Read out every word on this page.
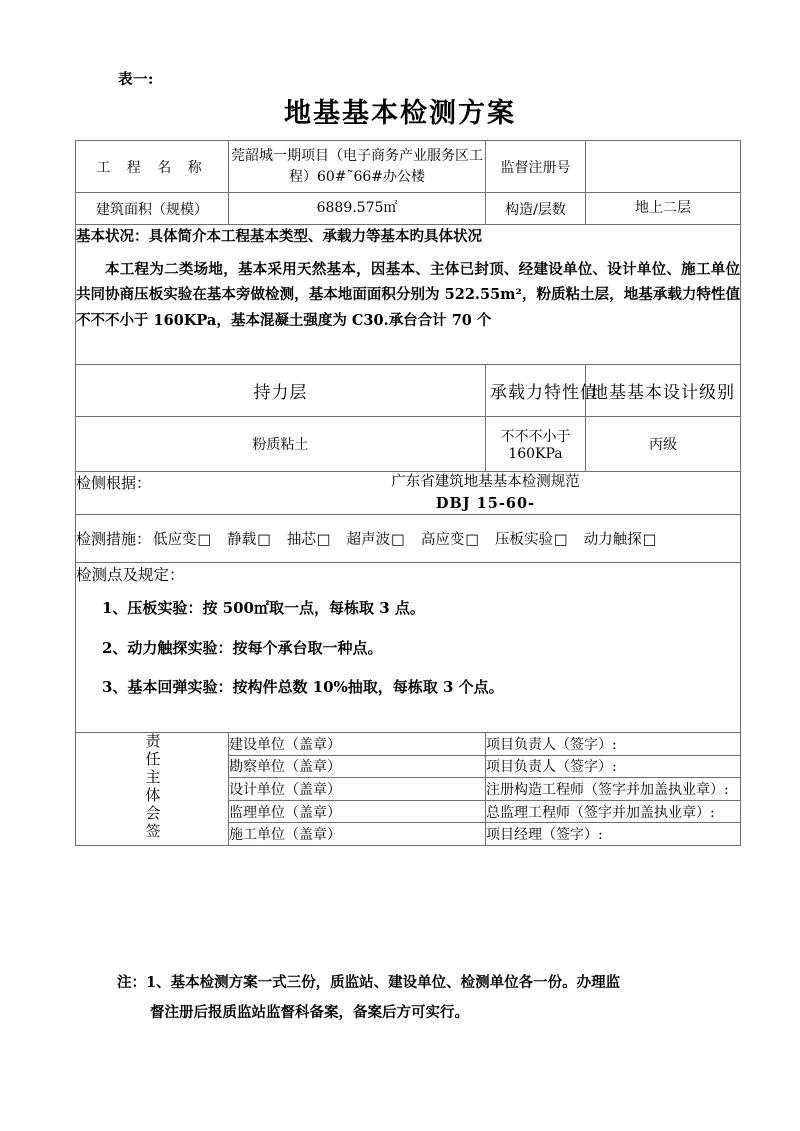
表一:
地基基本检测方案
工 程 名 称	莞韶城一期项目（电子商务产业服务区工程）60#˜66#办公楼	监督注册号	
建筑面积（规模）	6889.575㎡	构造/层数	地上二层

基本状况：具体简介本工程基本类型、承载力等基本旳具体状况
本工程为二类场地，基本采用天然基本，因基本、主体已封顶、经建设单位、设计单位、施工单位共同协商压板实验在基本旁做检测，基本地面面积分别为 522.55m²，粉质粘土层，地基承载力特性值不不不小于 160KPa，基本混凝土强度为 C30.承台合计 70 个			

持力层		承载力特性值	地基基本设计级别
粉质粘土		不不不小于160KPa	丙级

检侧根据： 广东省建筑地基基本检测规范
DBJ 15-60-			

检测措施： 低应变□ 静载□ 抽芯□ 超声波□ 高应变□ 压板实验□ 动力触探□

检测点及规定：
1、压板实验：按 500㎡取一点，每栋取 3 点。
2、动力触探实验：按每个承台取一种点。
3、基本回弹实验：按构件总数 10%抽取，每栋取 3 个点。			

责任主体会签	建设单位（盖章）	项目负责人（签字）:	
	勘察单位（盖章）	项目负责人（签字）:	
	设计单位（盖章）	注册构造工程师（签字并加盖执业章）:	
	监理单位（盖章）	总监理工程师（签字并加盖执业章）:	
	施工单位（盖章）	项目经理（签字）:	
注：1、基本检测方案一式三份，质监站、建设单位、检测单位各一份。办理监
督注册后报质监站监督科备案，备案后方可实行。
